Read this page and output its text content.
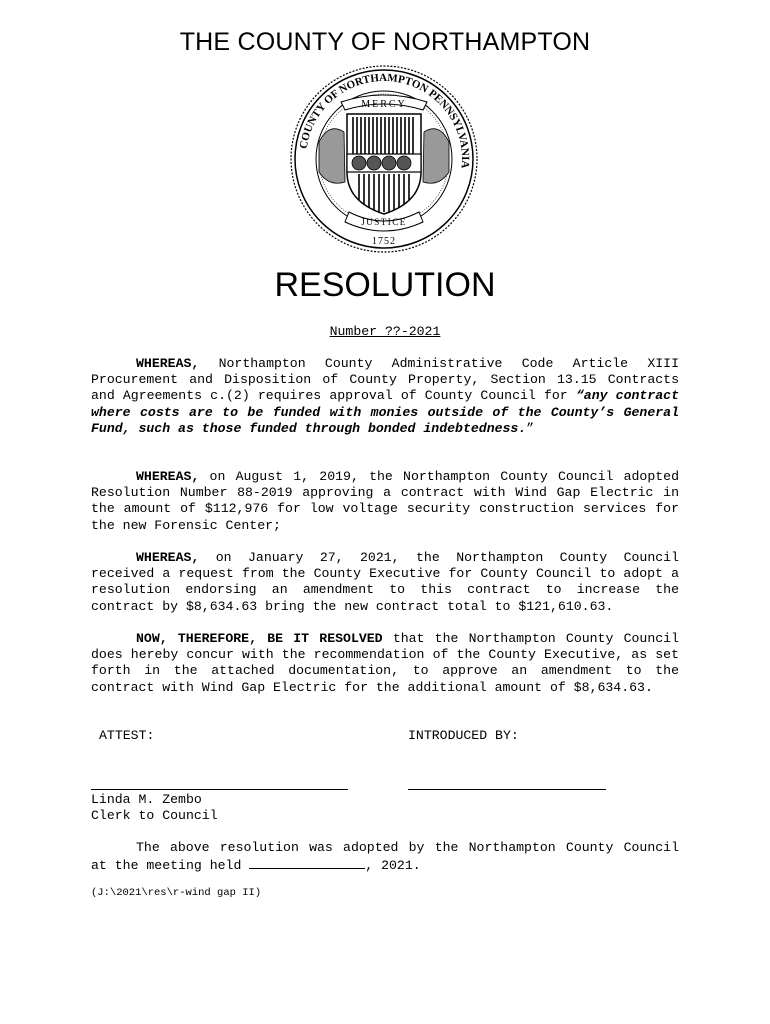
THE COUNTY OF NORTHAMPTON
COUNTY OF NORTHAMPTON PENNSYLVANIA
MERCY
JUSTICE
1752
RESOLUTION
Number ??-2021

WHEREAS, Northampton County Administrative Code Article XIII Procurement and Disposition of County Property, Section 13.15 Contracts and Agreements c.(2) requires approval of County Council for “any contract where costs are to be funded with monies outside of the County’s General Fund, such as those funded through bonded indebtedness.”

WHEREAS, on August 1, 2019, the Northampton County Council adopted Resolution Number 88-2019 approving a contract with Wind Gap Electric in the amount of $112,976 for low voltage security construction services for the new Forensic Center;

WHEREAS, on January 27, 2021, the Northampton County Council received a request from the County Executive for County Council to adopt a resolution endorsing an amendment to this contract to increase the contract by $8,634.63 bring the new contract total to $121,610.63.

NOW, THEREFORE, BE IT RESOLVED that the Northampton County Council does hereby concur with the recommendation of the County Executive, as set forth in the attached documentation, to approve an amendment to the contract with Wind Gap Electric for the additional amount of $8,634.63.

ATTEST:	INTRODUCED BY:
Linda M. Zembo
Clerk to Council

The above resolution was adopted by the Northampton County Council at the meeting held	, 2021.

(J:\2021\res\r-wind gap II)
